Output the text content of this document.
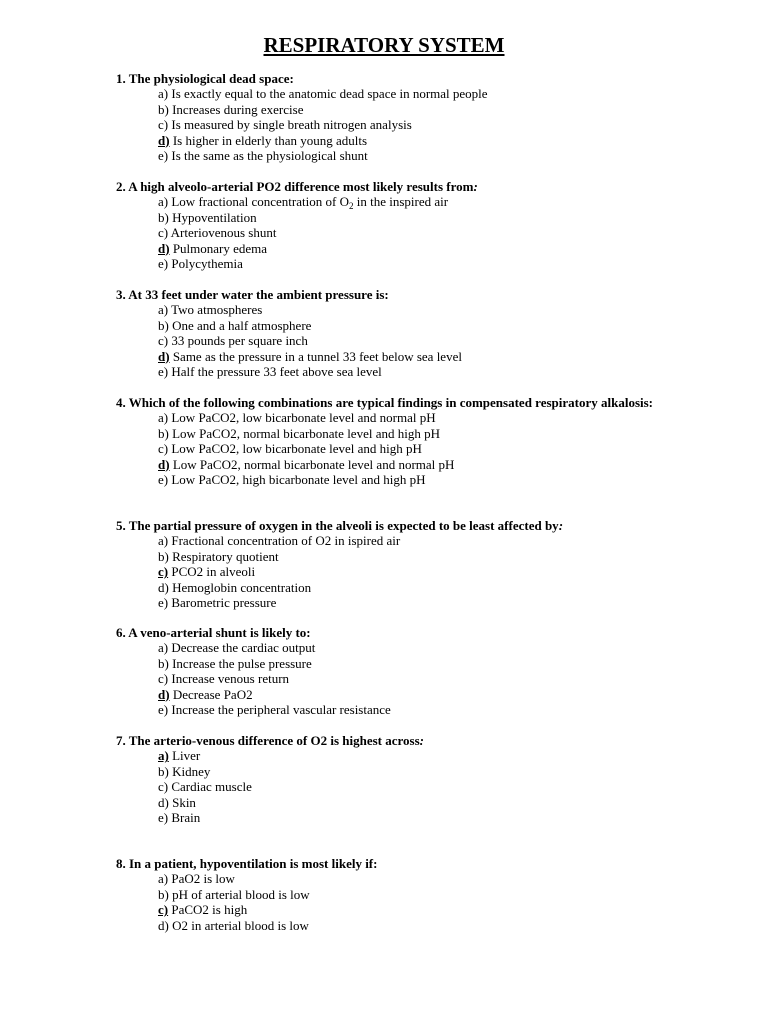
RESPIRATORY SYSTEM
1. The physiological dead space:
a) Is exactly equal to the anatomic dead space in normal people
b) Increases during exercise
c) Is measured by single breath nitrogen analysis
d) Is higher in elderly than young adults
e) Is the same as the physiological shunt
2. A high alveolo-arterial PO2 difference most likely results from:
a) Low fractional concentration of $O_2$ in the inspired air
b) Hypoventilation
c) Arteriovenous shunt
d) Pulmonary edema
e) Polycythemia
3. At 33 feet under water the ambient pressure is:
a) Two atmospheres
b) One and a half atmosphere
c) 33 pounds per square inch
d) Same as the pressure in a tunnel 33 feet below sea level
e) Half the pressure 33 feet above sea level
4. Which of the following combinations are typical findings in compensated respiratory alkalosis:
a) Low PaCO2, low bicarbonate level and normal pH
b) Low PaCO2, normal bicarbonate level and high pH
c) Low PaCO2, low bicarbonate level and high pH
d) Low PaCO2, normal bicarbonate level and normal pH
e) Low PaCO2, high bicarbonate level and high pH
5. The partial pressure of oxygen in the alveoli is expected to be least affected by:
a) Fractional concentration of O2 in ispired air
b) Respiratory quotient
c) PCO2 in alveoli
d) Hemoglobin concentration
e) Barometric pressure
6. A veno-arterial shunt is likely to:
a) Decrease the cardiac output
b) Increase the pulse pressure
c) Increase venous return
d) Decrease PaO2
e) Increase the peripheral vascular resistance
7. The arterio-venous difference of O2 is highest across:
a) Liver
b) Kidney
c) Cardiac muscle
d) Skin
e) Brain
8. In a patient, hypoventilation is most likely if:
a) PaO2 is low
b) pH of arterial blood is low
c) PaCO2 is high
d) O2 in arterial blood is low
